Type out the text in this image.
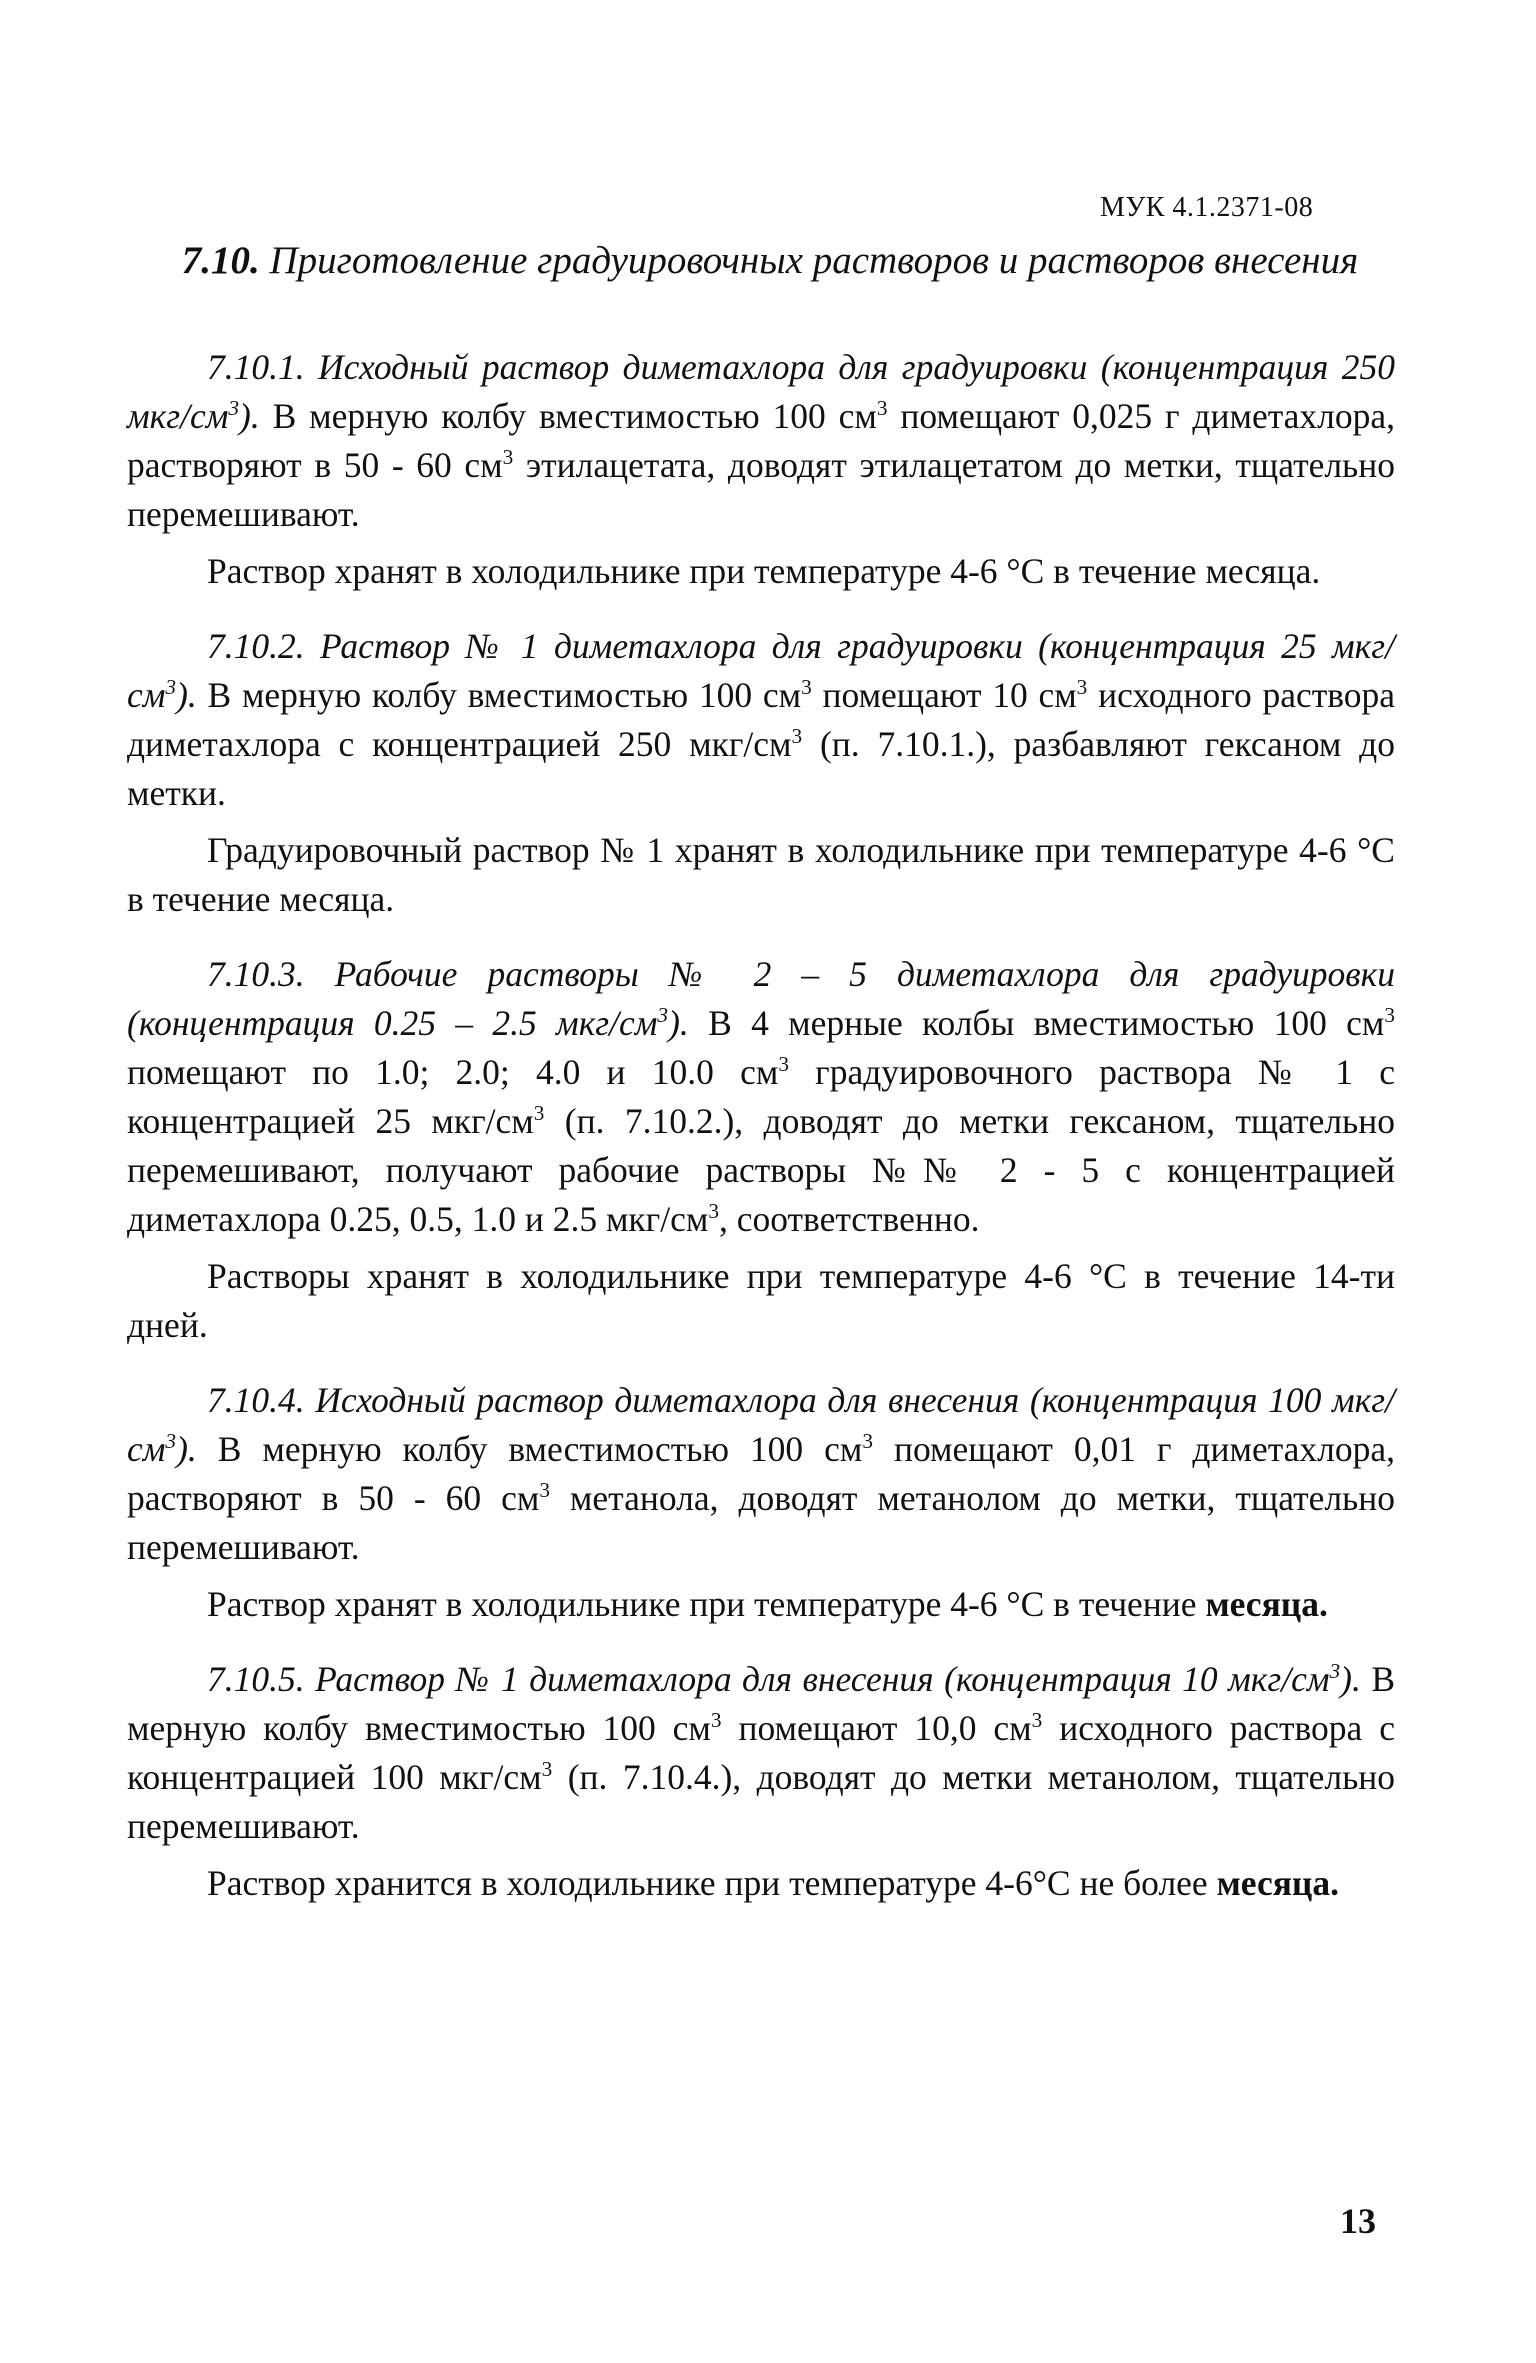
МУК 4.1.2371-08
7.10. Приготовление градуировочных растворов и растворов внесения

7.10.1. Исходный раствор диметахлора для градуировки (концентрация 250 мкг/$см^3$). В мерную колбу вместимостью 100 $см^3$ помещают 0,025 г диметахлора, растворяют в 50 - 60 $см^3$ этилацетата, доводят этилацетатом до метки, тщательно перемешивают.

Раствор хранят в холодильнике при температуре 4-6 °С в течение месяца.

7.10.2. Раствор № 1 диметахлора для градуировки (концентрация 25 мкг/$см^3$). В мерную колбу вместимостью 100 $см^3$ помещают 10 $см^3$ исходного раствора диметахлора с концентрацией 250 мкг/$см^3$ (п. 7.10.1.), разбавляют гексаном до метки.

Градуировочный раствор № 1 хранят в холодильнике при температуре 4-6 °С в течение месяца.

7.10.3. Рабочие растворы № 2 – 5 диметахлора для градуировки (концентрация 0.25 – 2.5 мкг/$см^3$). В 4 мерные колбы вместимостью 100 $см^3$ помещают по 1.0; 2.0; 4.0 и 10.0 $см^3$ градуировочного раствора № 1 с концентрацией 25 мкг/$см^3$ (п. 7.10.2.), доводят до метки гексаном, тщательно перемешивают, получают рабочие растворы №№ 2 - 5 с концентрацией диметахлора 0.25, 0.5, 1.0 и 2.5 мкг/$см^3$, соответственно.

Растворы хранят в холодильнике при температуре 4-6 °С в течение 14-ти дней.

7.10.4. Исходный раствор диметахлора для внесения (концентрация 100 мкг/$см^3$). В мерную колбу вместимостью 100 $см^3$ помещают 0,01 г диметахлора, растворяют в 50 - 60 $см^3$ метанола, доводят метанолом до метки, тщательно перемешивают.

Раствор хранят в холодильнике при температуре 4-6 °С в течение месяца.

7.10.5. Раствор № 1 диметахлора для внесения (концентрация 10 мкг/$см^3$). В мерную колбу вместимостью 100 $см^3$ помещают 10,0 $см^3$ исходного раствора с концентрацией 100 мкг/$см^3$ (п. 7.10.4.), доводят до метки метанолом, тщательно перемешивают.

Раствор хранится в холодильнике при температуре 4-6°С не более месяца.

13
